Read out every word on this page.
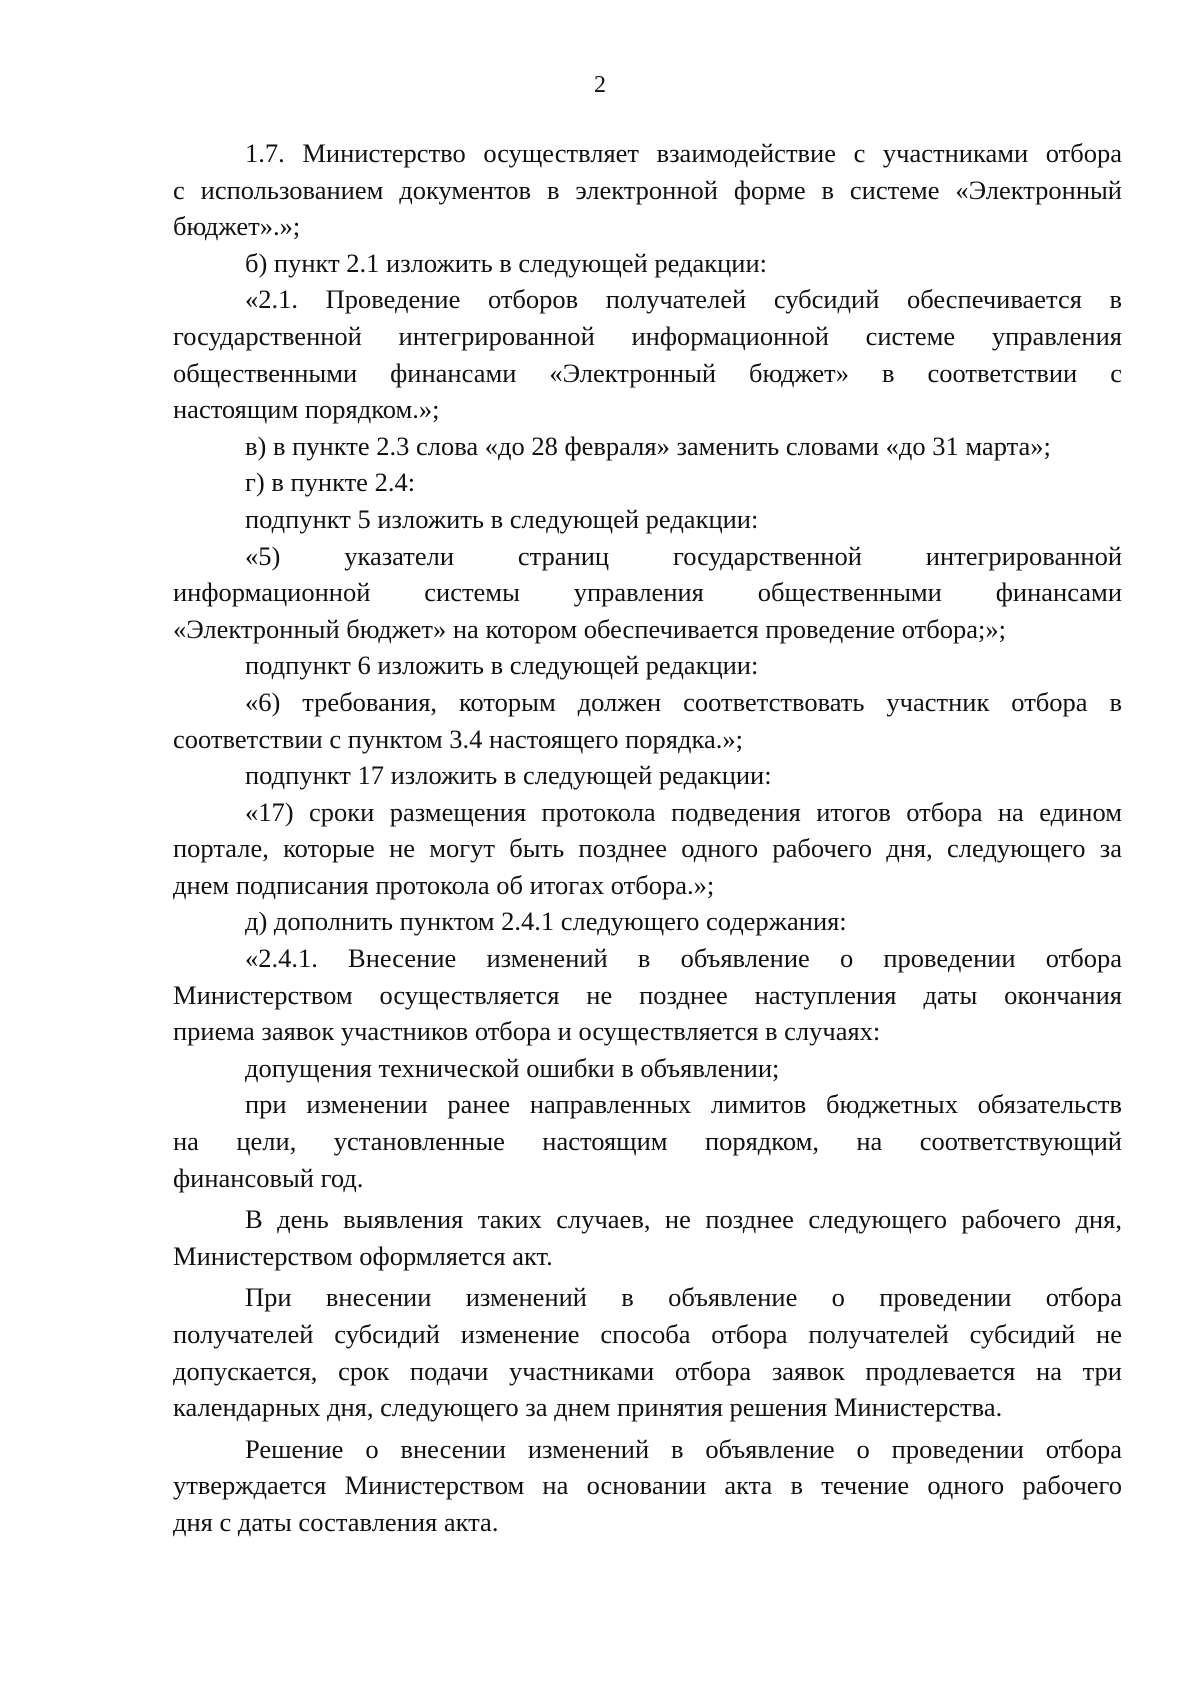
2
1.7. Министерство осуществляет взаимодействие с участниками отбора
с использованием документов в электронной форме в системе «Электронный
бюджет».»;
б) пункт 2.1 изложить в следующей редакции:
«2.1. Проведение отборов получателей субсидий обеспечивается в
государственной интегрированной информационной системе управления
общественными финансами «Электронный бюджет» в соответствии с
настоящим порядком.»;
в) в пункте 2.3 слова «до 28 февраля» заменить словами «до 31 марта»;
г) в пункте 2.4:
подпункт 5 изложить в следующей редакции:
«5) указатели страниц государственной интегрированной
информационной системы управления общественными финансами
«Электронный бюджет» на котором обеспечивается проведение отбора;»;
подпункт 6 изложить в следующей редакции:
«6) требования, которым должен соответствовать участник отбора в
соответствии с пунктом 3.4 настоящего порядка.»;
подпункт 17 изложить в следующей редакции:
«17) сроки размещения протокола подведения итогов отбора на едином
портале, которые не могут быть позднее одного рабочего дня, следующего за
днем подписания протокола об итогах отбора.»;
д) дополнить пунктом 2.4.1 следующего содержания:
«2.4.1. Внесение изменений в объявление о проведении отбора
Министерством осуществляется не позднее наступления даты окончания
приема заявок участников отбора и осуществляется в случаях:
допущения технической ошибки в объявлении;
при изменении ранее направленных лимитов бюджетных обязательств
на цели, установленные настоящим порядком, на соответствующий
финансовый год.
В день выявления таких случаев, не позднее следующего рабочего дня,
Министерством оформляется акт.
При внесении изменений в объявление о проведении отбора
получателей субсидий изменение способа отбора получателей субсидий не
допускается, срок подачи участниками отбора заявок продлевается на три
календарных дня, следующего за днем принятия решения Министерства.
Решение о внесении изменений в объявление о проведении отбора
утверждается Министерством на основании акта в течение одного рабочего
дня с даты составления акта.
